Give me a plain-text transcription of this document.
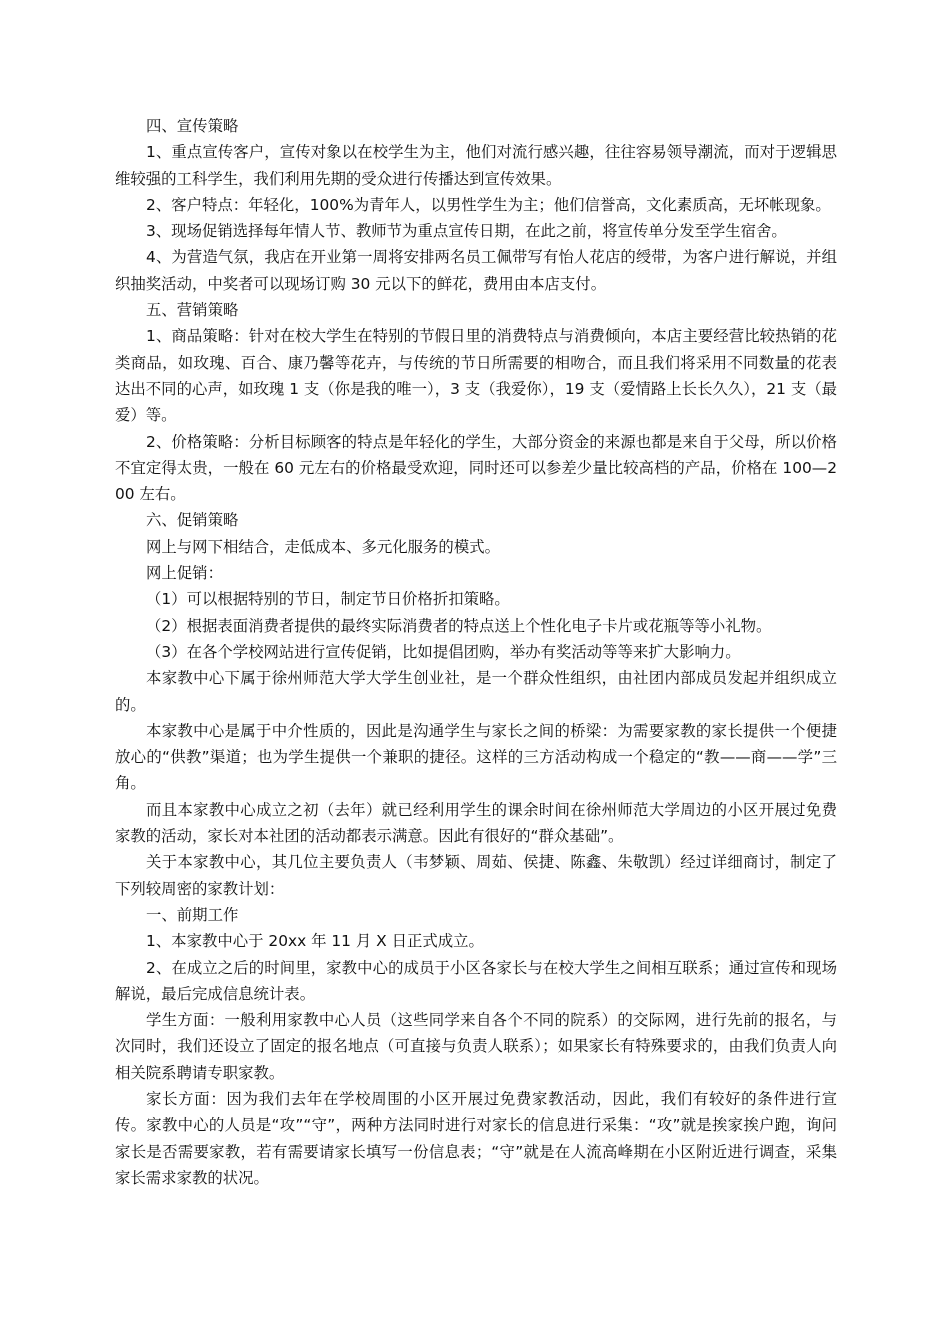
四、宣传策略

1、重点宣传客户，宣传对象以在校学生为主，他们对流行感兴趣，往往容易领导潮流，而对于逻辑思维较强的工科学生，我们利用先期的受众进行传播达到宣传效果。

2、客户特点：年轻化，100%为青年人，以男性学生为主；他们信誉高，文化素质高，无坏帐现象。

3、现场促销选择每年情人节、教师节为重点宣传日期，在此之前，将宣传单分发至学生宿舍。

4、为营造气氛，我店在开业第一周将安排两名员工佩带写有怡人花店的绶带，为客户进行解说，并组织抽奖活动，中奖者可以现场订购 30 元以下的鲜花，费用由本店支付。

五、营销策略

1、商品策略：针对在校大学生在特别的节假日里的消费特点与消费倾向，本店主要经营比较热销的花类商品，如玫瑰、百合、康乃馨等花卉，与传统的节日所需要的相吻合，而且我们将采用不同数量的花表达出不同的心声，如玫瑰 1 支（你是我的唯一），3 支（我爱你），19 支（爱情路上长长久久），21 支（最爱）等。

2、价格策略：分析目标顾客的特点是年轻化的学生，大部分资金的来源也都是来自于父母，所以价格不宜定得太贵，一般在 60 元左右的价格最受欢迎，同时还可以参差少量比较高档的产品，价格在 100—200 左右。

六、促销策略

网上与网下相结合，走低成本、多元化服务的模式。

网上促销：

（1）可以根据特别的节日，制定节日价格折扣策略。

（2）根据表面消费者提供的最终实际消费者的特点送上个性化电子卡片或花瓶等等小礼物。

（3）在各个学校网站进行宣传促销，比如提倡团购，举办有奖活动等等来扩大影响力。

本家教中心下属于徐州师范大学大学生创业社，是一个群众性组织，由社团内部成员发起并组织成立的。

本家教中心是属于中介性质的，因此是沟通学生与家长之间的桥梁：为需要家教的家长提供一个便捷放心的“供教”渠道；也为学生提供一个兼职的捷径。这样的三方活动构成一个稳定的“教——商——学”三角。

而且本家教中心成立之初（去年）就已经利用学生的课余时间在徐州师范大学周边的小区开展过免费家教的活动，家长对本社团的活动都表示满意。因此有很好的“群众基础”。

关于本家教中心，其几位主要负责人（韦梦颖、周茹、侯捷、陈鑫、朱敬凯）经过详细商讨，制定了下列较周密的家教计划：

一、前期工作

1、本家教中心于 20xx 年 11 月 X 日正式成立。

2、在成立之后的时间里，家教中心的成员于小区各家长与在校大学生之间相互联系；通过宣传和现场解说，最后完成信息统计表。

学生方面：一般利用家教中心人员（这些同学来自各个不同的院系）的交际网，进行先前的报名，与次同时，我们还设立了固定的报名地点（可直接与负责人联系）；如果家长有特殊要求的，由我们负责人向相关院系聘请专职家教。

家长方面：因为我们去年在学校周围的小区开展过免费家教活动，因此，我们有较好的条件进行宣传。家教中心的人员是“攻”“守”，两种方法同时进行对家长的信息进行采集：“攻”就是挨家挨户跑，询问家长是否需要家教，若有需要请家长填写一份信息表；“守”就是在人流高峰期在小区附近进行调查，采集家长需求家教的状况。
